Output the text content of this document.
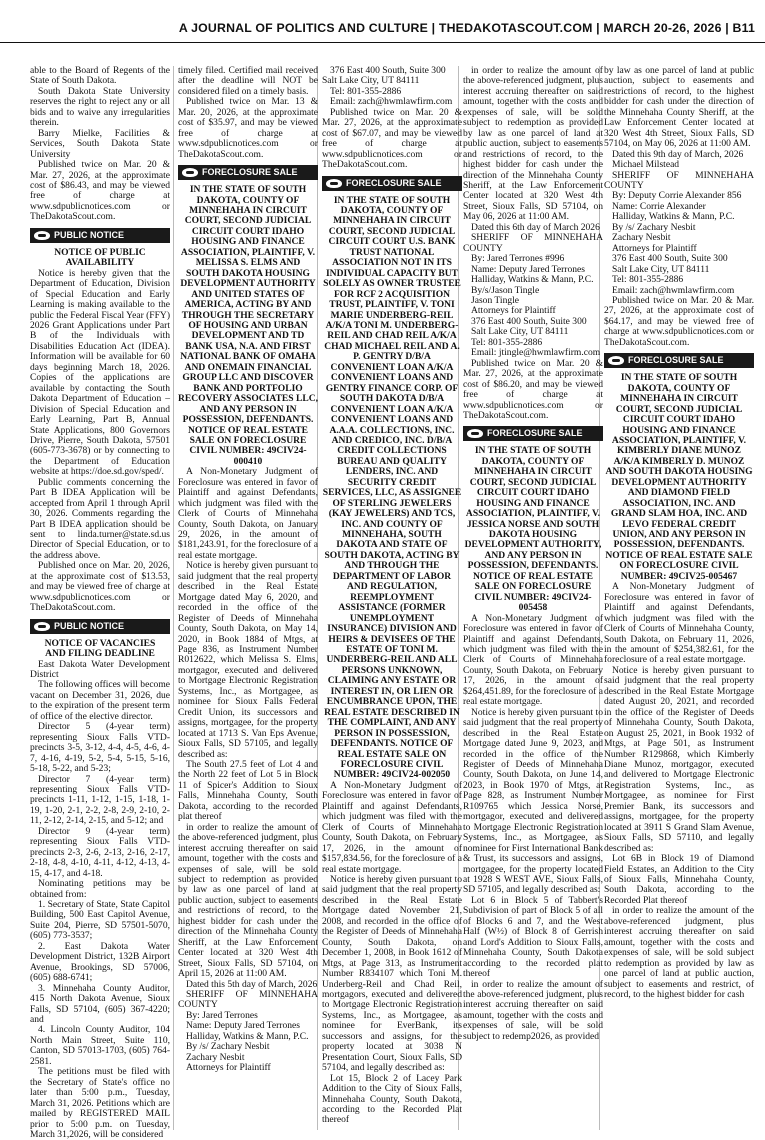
A JOURNAL OF POLITICS AND CULTURE | THEDAKOTASCOUT.COM | MARCH 20-26, 2026 | B11

able to the Board of Regents of the State of South Dakota.

South Dakota State University reserves the right to reject any or all bids and to waive any irregularities therein.

Barry Mielke, Facilities & Services, South Dakota State University

Published twice on Mar. 20 & Mar. 27, 2026, at the approximate cost of $86.43, and may be viewed free of charge at www.sdpublicnotices.com or TheDakotaScout.com.

PUBLIC NOTICE

NOTICE OF PUBLIC

AVAILABILITY

Notice is hereby given that the Department of Education, Division of Special Education and Early Learning is making available to the public the Federal Fiscal Year (FFY) 2026 Grant Applications under Part B of the Individuals with Disabilities Education Act (IDEA). Information will be available for 60 days beginning March 18, 2026. Copies of the applications are available by contacting the South Dakota Department of Education – Division of Special Education and Early Learning, Part B, Annual State Applications, 800 Governors Drive, Pierre, South Dakota, 57501 (605-773-3678) or by connecting to the Department of Education website at https://doe.sd.gov/sped/.

Public comments concerning the Part B IDEA Application will be accepted from April 1 through April 30, 2026. Comments regarding the Part B IDEA application should be sent to linda.turner@state.sd.us Director of Special Education, or to the address above.

Published once on Mar. 20, 2026, at the approximate cost of $13.53, and may be viewed free of charge at www.sdpublicnotices.com or TheDakotaScout.com.

PUBLIC NOTICE

NOTICE OF VACANCIES

AND FILING DEADLINE

East Dakota Water Development District

The following offices will become vacant on December 31, 2026, due to the expiration of the present term of office of the elective director.

Director 5 (4-year term) representing Sioux Falls VTD-precincts 3-5, 3-12, 4-4, 4-5, 4-6, 4-7, 4-16, 4-19, 5-2, 5-4, 5-15, 5-16, 5-18, 5-22, and 5-23;

Director 7 (4-year term) representing Sioux Falls VTD-precincts 1-11, 1-12, 1-15, 1-18, 1-19, 1-20, 2-1, 2-2, 2-8, 2-9, 2-10, 2-11, 2-12, 2-14, 2-15, and 5-12; and

Director 9 (4-year term) representing Sioux Falls VTD-precincts 2-3, 2-6, 2-13, 2-16, 2-17, 2-18, 4-8, 4-10, 4-11, 4-12, 4-13, 4-15, 4-17, and 4-18.

Nominating petitions may be obtained from:

1. Secretary of State, State Capitol Building, 500 East Capitol Avenue, Suite 204, Pierre, SD 57501-5070, (605) 773-3537;

2. East Dakota Water Development District, 132B Airport Avenue, Brookings, SD 57006, (605) 688-6741;

3. Minnehaha County Auditor, 415 North Dakota Avenue, Sioux Falls, SD 57104, (605) 367-4220; and

4. Lincoln County Auditor, 104 North Main Street, Suite 110, Canton, SD 57013-1703, (605) 764-2581.

The petitions must be filed with the Secretary of State's office no later than 5:00 p.m., Tuesday, March 31, 2026. Petitions which are mailed by REGISTERED MAIL prior to 5:00 p.m. on Tuesday, March 31,2026, will be considered

timely filed. Certified mail received after the deadline will NOT be considered filed on a timely basis.

Published twice on Mar. 13 & Mar. 20, 2026, at the approximate cost of $35.97, and may be viewed free of charge at www.sdpublicnotices.com or TheDakotaScout.com.

FORECLOSURE SALE

IN THE STATE OF SOUTH DAKOTA, COUNTY OF MINNEHAHA IN CIRCUIT COURT, SECOND JUDICIAL CIRCUIT COURT IDAHO HOUSING AND FINANCE ASSOCIATION, PLAINTIFF, V. MELISSA S. ELMS AND SOUTH DAKOTA HOUSING DEVELOPMENT AUTHORITY AND UNITED STATES OF AMERICA, ACTING BY AND THROUGH THE SECRETARY OF HOUSING AND URBAN DEVELOPMENT AND TD BANK USA, N.A. AND FIRST NATIONAL BANK OF OMAHA AND ONEMAIN FINANCIAL GROUP LLC AND DISCOVER BANK AND PORTFOLIO RECOVERY ASSOCIATES LLC, AND ANY PERSON IN POSSESSION, DEFENDANTS. NOTICE OF REAL ESTATE SALE ON FORECLOSURE CIVIL NUMBER: 49CIV24-000410

A Non-Monetary Judgment of Foreclosure was entered in favor of Plaintiff and against Defendants, which judgment was filed with the Clerk of Courts of Minnehaha County, South Dakota, on January 29, 2026, in the amount of $181,243.91, for the foreclosure of a real estate mortgage.

Notice is hereby given pursuant to said judgment that the real property described in the Real Estate Mortgage dated May 6, 2020, and recorded in the office of the Register of Deeds of Minnehaha County, South Dakota, on May 14, 2020, in Book 1884 of Mtgs, at Page 836, as Instrument Number R012622, which Melissa S. Elms, mortgagor, executed and delivered to Mortgage Electronic Registration Systems, Inc., as Mortgagee, as nominee for Sioux Falls Federal Credit Union, its successors and assigns, mortgagee, for the property located at 1713 S. Van Eps Avenue, Sioux Falls, SD 57105, and legally described as:

The South 27.5 feet of Lot 4 and the North 22 feet of Lot 5 in Block 11 of Spicer's Addition to Sioux Falls, Minnehaha County, South Dakota, according to the recorded plat thereof

in order to realize the amount of the above-referenced judgment, plus interest accruing thereafter on said amount, together with the costs and expenses of sale, will be sold subject to redemption as provided by law as one parcel of land at public auction, subject to easements and restrictions of record, to the highest bidder for cash under the direction of the Minnehaha County Sheriff, at the Law Enforcement Center located at 320 West 4th Street, Sioux Falls, SD 57104, on April 15, 2026 at 11:00 AM.

Dated this 5th day of March, 2026

SHERIFF OF MINNEHAHA COUNTY

By: Jared Terrones

Name: Deputy Jared Terrones

Halliday, Watkins & Mann, P.C.

By /s/ Zachary Nesbit

Zachary Nesbit

Attorneys for Plaintiff

376 East 400 South, Suite 300

Salt Lake City, UT 84111

Tel: 801-355-2886

Email: zach@hwmlawfirm.com

Published twice on Mar. 20 & Mar. 27, 2026, at the approximate cost of $67.07, and may be viewed free of charge at www.sdpublicnotices.com or TheDakotaScout.com.

FORECLOSURE SALE

IN THE STATE OF SOUTH DAKOTA, COUNTY OF MINNEHAHA IN CIRCUIT COURT, SECOND JUDICIAL CIRCUIT COURT U.S. BANK TRUST NATIONAL ASSOCIATION NOT IN ITS INDIVIDUAL CAPACITY BUT SOLELY AS OWNER TRUSTEE FOR RCF 2 ACQUISITION TRUST, PLAINTIFF, V. TONI MARIE UNDERBERG-REIL A/K/A TONI M. UNDERBERG-REIL AND CHAD REIL A/K/A CHAD MICHAEL REIL AND A. P. GENTRY D/B/A CONVENIENT LOAN A/K/A CONVENIENT LOANS AND GENTRY FINANCE CORP. OF SOUTH DAKOTA D/B/A CONVENIENT LOAN A/K/A CONVENIENT LOANS AND A.A.A. COLLECTIONS, INC. AND CREDICO, INC. D/B/A CREDIT COLLECTIONS BUREAU AND QUALITY LENDERS, INC. AND SECURITY CREDIT SERVICES, LLC, AS ASSIGNEE OF STERLING JEWELERS (KAY JEWELERS) AND TCS, INC. AND COUNTY OF MINNEHAHA, SOUTH DAKOTA AND STATE OF SOUTH DAKOTA, ACTING BY AND THROUGH THE DEPARTMENT OF LABOR AND REGULATION, REEMPLOYMENT ASSISTANCE (FORMER UNEMPLOYMENT INSURANCE) DIVISION AND HEIRS & DEVISEES OF THE ESTATE OF TONI M. UNDERBERG-REIL AND ALL PERSONS UNKNOWN, CLAIMING ANY ESTATE OR INTEREST IN, OR LIEN OR ENCUMBRANCE UPON, THE REAL ESTATE DESCRIBED IN THE COMPLAINT, AND ANY PERSON IN POSSESSION, DEFENDANTS. NOTICE OF REAL ESTATE SALE ON FORECLOSURE CIVIL NUMBER: 49CIV24-002050

A Non-Monetary Judgment of Foreclosure was entered in favor of Plaintiff and against Defendants, which judgment was filed with the Clerk of Courts of Minnehaha County, South Dakota, on February 17, 2026, in the amount of $157,834.56, for the foreclosure of a real estate mortgage.

Notice is hereby given pursuant to said judgment that the real property described in the Real Estate Mortgage dated November 21, 2008, and recorded in the office of the Register of Deeds of Minnehaha County, South Dakota, on December 1, 2008, in Book 1612 of Mtgs, at Page 313, as Instrument Number R834107 which Toni M. Underberg-Reil and Chad Reil, mortgagors, executed and delivered to Mortgage Electronic Registration Systems, Inc., as Mortgagee, as nominee for EverBank, its successors and assigns, for the property located at 3038 N Presentation Court, Sioux Falls, SD 57104, and legally described as:

Lot 15, Block 2 of Lacey Park Addition to the City of Sioux Falls, Minnehaha County, South Dakota, according to the Recorded Plat thereof

in order to realize the amount of the above-referenced judgment, plus interest accruing thereafter on said amount, together with the costs and expenses of sale, will be sold subject to redemption as provided by law as one parcel of land at public auction, subject to easements and restrictions of record, to the highest bidder for cash under the direction of the Minnehaha County Sheriff, at the Law Enforcement Center located at 320 West 4th Street, Sioux Falls, SD 57104, on May 06, 2026 at 11:00 AM.

Dated this 6th day of March 2026

SHERIFF OF MINNEHAHA COUNTY

By: Jared Terrones #996

Name: Deputy Jared Terrones

Halliday, Watkins & Mann, P.C.

By/s/Jason Tingle

Jason Tingle

Attorneys for Plaintiff

376 East 400 South, Suite 300

Salt Lake City, UT 84111

Tel: 801-355-2886

Email: jtingle@hwmlawfirm.com

Published twice on Mar. 20 & Mar. 27, 2026, at the approximate cost of $86.20, and may be viewed free of charge at www.sdpublicnotices.com or TheDakotaScout.com.

FORECLOSURE SALE

IN THE STATE OF SOUTH DAKOTA, COUNTY OF MINNEHAHA IN CIRCUIT COURT, SECOND JUDICIAL CIRCUIT COURT IDAHO HOUSING AND FINANCE ASSOCIATION, PLAINTIFF, V. JESSICA NORSE AND SOUTH DAKOTA HOUSING DEVELOPMENT AUTHORITY, AND ANY PERSON IN POSSESSION, DEFENDANTS. NOTICE OF REAL ESTATE SALE ON FORECLOSURE CIVIL NUMBER: 49CIV24-005458

A Non-Monetary Judgment of Foreclosure was entered in favor of Plaintiff and against Defendants, which judgment was filed with the Clerk of Courts of Minnehaha County, South Dakota, on February 17, 2026, in the amount of $264,451.89, for the foreclosure of a real estate mortgage.

Notice is hereby given pursuant to said judgment that the real property described in the Real Estate Mortgage dated June 9, 2023, and recorded in the office of the Register of Deeds of Minnehaha County, South Dakota, on June 14, 2023, in Book 1970 of Mtgs, at Page 828, as Instrument Number R109765 which Jessica Norse, mortgagor, executed and delivered to Mortgage Electronic Registration Systems, Inc., as Mortgagee, as nominee for First International Bank & Trust, its successors and assigns, mortgagee, for the property located at 1928 S WEST AVE, Sioux Falls, SD 57105, and legally described as:

Lot 6 in Block 5 of Tabbert's Subdivision of part of Block 5 of all of Blocks 6 and 7, and the West Half (W½) of Block 8 of Gerrish and Lord's Addition to Sioux Falls, Minnehaha County, South Dakota according to the recorded plat thereof

in order to realize the amount of the above-referenced judgment, plus interest accruing thereafter on said amount, together with the costs and expenses of sale, will be sold subject to redemp2026, as provided

by law as one parcel of land at public auction, subject to easements and restrictions of record, to the highest bidder for cash under the direction of the Minnehaha County Sheriff, at the Law Enforcement Center located at 320 West 4th Street, Sioux Falls, SD 57104, on May 06, 2026 at 11:00 AM.

Dated this 9th day of March, 2026

Michael Milstead

SHERIFF OF MINNEHAHA COUNTY

By: Deputy Corrie Alexander 856

Name: Corrie Alexander

Halliday, Watkins & Mann, P.C.

By /s/ Zachary Nesbit

Zachary Nesbit

Attorneys for Plaintiff

376 East 400 South, Suite 300

Salt Lake City, UT 84111

Tel: 801-355-2886

Email: zach@hwmlawfirm.com

Published twice on Mar. 20 & Mar. 27, 2026, at the approximate cost of $64.17, and may be viewed free of charge at www.sdpublicnotices.com or TheDakotaScout.com.

FORECLOSURE SALE

IN THE STATE OF SOUTH DAKOTA, COUNTY OF MINNEHAHA IN CIRCUIT COURT, SECOND JUDICIAL CIRCUIT COURT IDAHO HOUSING AND FINANCE ASSOCIATION, PLAINTIFF, V. KIMBERLY DIANE MUNOZ A/K/A KIMBERLY D. MUNOZ AND SOUTH DAKOTA HOUSING DEVELOPMENT AUTHORITY AND DIAMOND FIELD ASSOCIATION, INC. AND GRAND SLAM HOA, INC. AND LEVO FEDERAL CREDIT UNION, AND ANY PERSON IN POSSESSION, DEFENDANTS. NOTICE OF REAL ESTATE SALE ON FORECLOSURE CIVIL NUMBER: 49CIV25-005467

A Non-Monetary Judgment of Foreclosure was entered in favor of Plaintiff and against Defendants, which judgment was filed with the Clerk of Courts of Minnehaha County, South Dakota, on February 11, 2026, in the amount of $254,382.61, for the foreclosure of a real estate mortgage.

Notice is hereby given pursuant to said judgment that the real property described in the Real Estate Mortgage dated August 20, 2021, and recorded in the office of the Register of Deeds of Minnehaha County, South Dakota, on August 25, 2021, in Book 1932 of Mtgs, at Page 501, as Instrument Number R129868, which Kimberly Diane Munoz, mortgagor, executed and delivered to Mortgage Electronic Registration Systems, Inc., as Mortgagee, as nominee for First Premier Bank, its successors and assigns, mortgagee, for the property located at 3911 S Grand Slam Avenue, Sioux Falls, SD 57110, and legally described as:

Lot 6B in Block 19 of Diamond Field Estates, an Addition to the City of Sioux Falls, Minnehaha County, South Dakota, according to the Recorded Plat thereof

in order to realize the amount of the above-referenced judgment, plus interest accruing thereafter on said amount, together with the costs and expenses of sale, will be sold subject to redemption as provided by law as one parcel of land at public auction, subject to easements and restrict, of record, to the highest bidder for cash
